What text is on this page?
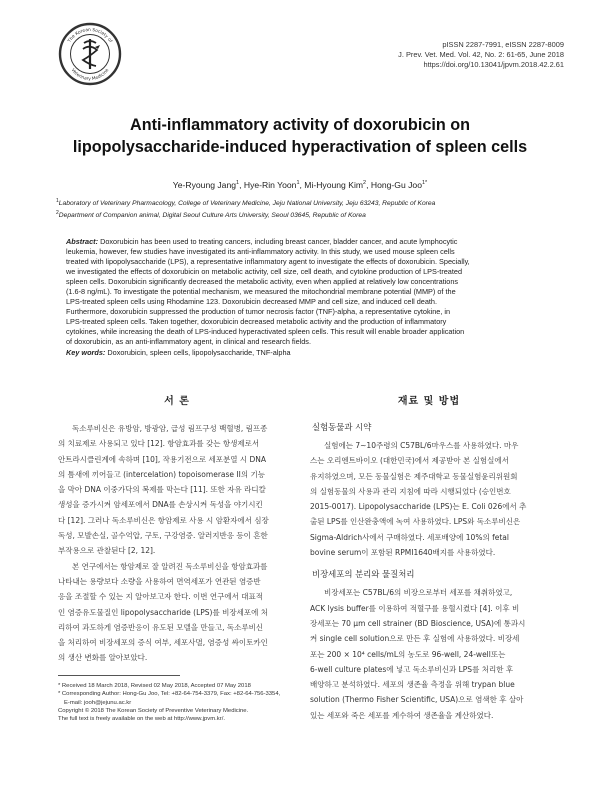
The Korean Society of
Veterinary Medicine
pISSN 2287-7991, eISSN 2287-8009
J. Prev. Vet. Med. Vol. 42, No. 2: 61-65, June 2018
https://doi.org/10.13041/jpvm.2018.42.2.61
Anti-inflammatory activity of doxorubicin on
lipopolysaccharide-induced hyperactivation of spleen cells
Ye-Ryoung Jang$^1$, Hye-Rin Yoon$^1$, Mi-Hyoung Kim$^2$, Hong-Gu Joo$^{1*}$
$^1$Laboratory of Veterinary Pharmacology, College of Veterinary Medicine, Jeju National University, Jeju 63243, Republic of Korea
$^2$Department of Companion animal, Digital Seoul Culture Arts University, Seoul 03645, Republic of Korea
Abstract: Doxorubicin has been used to treating cancers, including breast cancer, bladder cancer, and acute lymphocytic
leukemia, however, few studies have investigated its anti-inflammatory activity. In this study, we used mouse spleen cells
treated with lipopolysaccharide (LPS), a representative inflammatory agent to investigate the effects of doxorubicin. Specially,
we investigated the effects of doxorubicin on metabolic activity, cell size, cell death, and cytokine production of LPS-treated
spleen cells. Doxorubicin significantly decreased the metabolic activity, even when applied at relatively low concentrations
(1.6-8 ng/mL). To investigate the potential mechanism, we measured the mitochondrial membrane potential (MMP) of the
LPS-treated spleen cells using Rhodamine 123. Doxorubicin decreased MMP and cell size, and induced cell death.
Furthermore, doxorubicin suppressed the production of tumor necrosis factor (TNF)-alpha, a representative cytokine, in
LPS-treated spleen cells. Taken together, doxorubicin decreased metabolic activity and the production of inflammatory
cytokines, while increasing the death of LPS-induced hyperactivated spleen cells. This result will enable broader application
of doxorubicin, as an anti-inflammatory agent, in clinical and research fields.
Key words: Doxorubicin, spleen cells, lipopolysaccharide, TNF-alpha
서 론
독소루비신은 유방암, 방광암, 급성 림프구성 백혈병, 림프종
의 치료제로 사용되고 있다 [12]. 항암효과를 갖는 항생제로서
안트라시클린계에 속하며 [10], 작용기전으로 세포분열 시 DNA
의 틈새에 끼어들고 (intercelation) topoisomerase II의 기능
을 막아 DNA 이중가닥의 복제를 막는다 [11]. 또한 자유 라디칼
생성을 증가시켜 암세포에서 DNA를 손상시켜 독성을 야기시킨
다 [12]. 그러나 독소루비신은 항암제로 사용 시 암환자에서 심장
독성, 모발손실, 골수억압, 구토, 구강염증. 알러지반응 등이 흔한
부작용으로 관찰된다 [2, 12].
본 연구에서는 항암제로 잘 알려진 독소루비신을 항암효과를
나타내는 용량보다 소량을 사용하여 면역세포가 연관된 염증반
응을 조절할 수 있는 지 알아보고자 한다. 이번 연구에서 대표적
인 염증유도물질인 lipopolysaccharide (LPS)를 비장세포에 처
리하여 과도하게 염증반응이 유도된 모델을 만들고, 독소루비신
을 처리하여 비장세포의 증식 여부, 세포사멸, 염증성 싸이토카인
의 생산 변화를 알아보았다.
재료 및 방법
실험동물과 시약
실험에는 7~10주령의 C57BL/6마우스를 사용하였다. 마우
스는 오리엔트바이오 (대한민국)에서 제공받아 본 실험실에서
유지하였으며, 모든 동물실험은 제주대학교 동물실험윤리위원회
의 실험동물의 사용과 관리 지침에 따라 시행되었다 (승인번호
2015-0017). Lipopolysaccharide (LPS)는 E. Coli 026에서 추
출된 LPS를 인산완충액에 녹여 사용하였다. LPS와 독소루비신은
Sigma-Aldrich사에서 구매하였다. 세포배양에 10%의 fetal
bovine serum이 포함된 RPMI1640배지를 사용하였다.
비장세포의 분리와 물질처리
비장세포는 C57BL/6의 비장으로부터 세포를 채취하였고,
ACK lysis buffer를 이용하여 적혈구를 용혈시켰다 [4]. 이후 비
장세포는 70 μm cell strainer (BD Bioscience, USA)에 통과시
켜 single cell solution으로 만든 후 실험에 사용하였다. 비장세
포는 200 × 10⁴ cells/mL의 농도로 96-well, 24-well또는
6-well culture plates에 넣고 독소루비신과 LPS를 처리한 후
배양하고 분석하였다. 세포의 생존율 측정을 위해 trypan blue
solution (Thermo Fisher Scientific, USA)으로 염색한 후 살아
있는 세포와 죽은 세포를 계수하여 생존율을 계산하였다.
* Received 18 March 2018, Revised 02 May 2018, Accepted 07 May 2018
* Corresponding Author: Hong-Gu Joo, Tel: +82-64-754-3379, Fax: +82-64-756-3354,
E-mail: jooh@jejunu.ac.kr
Copyright © 2018 The Korean Society of Preventive Veterinary Medicine.
The full text is freely available on the web at http://www.jpvm.kr/.
